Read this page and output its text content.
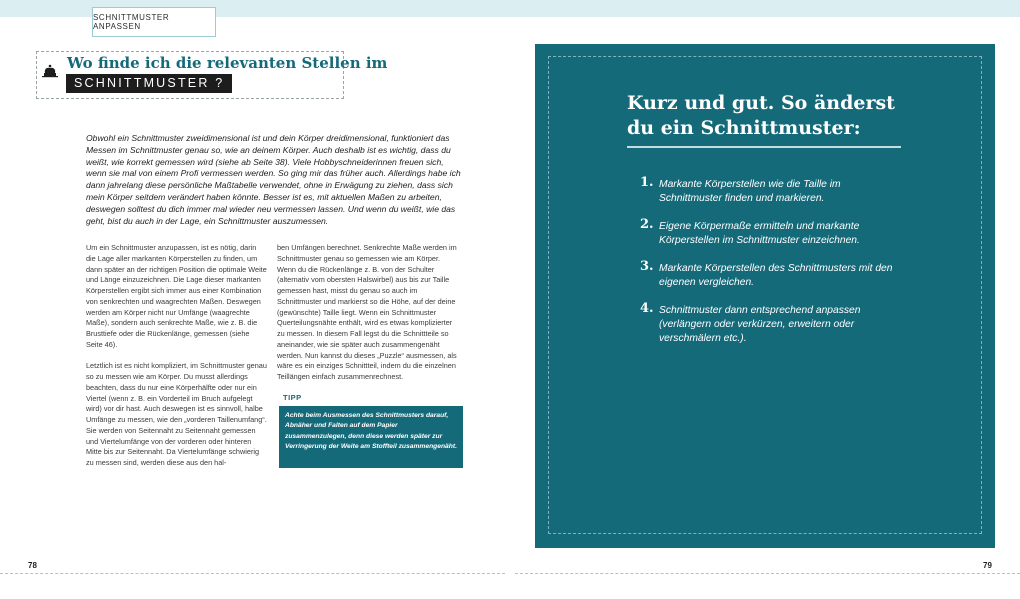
SCHNITTMUSTER ANPASSEN
Wo finde ich die relevanten Stellen im
SCHNITTMUSTER ?

Obwohl ein Schnittmuster zweidimensional ist und dein Körper dreidimensional, funktioniert das Messen im Schnittmuster genau so, wie an deinem Körper. Auch deshalb ist es wichtig, dass du weißt, wie korrekt gemessen wird (siehe ab Seite 38). Viele Hobbyschneiderinnen freuen sich, wenn sie mal von einem Profi vermessen werden. So ging mir das früher auch. Allerdings habe ich dann jahrelang diese persönliche Maßtabelle verwendet, ohne in Erwägung zu ziehen, dass sich mein Körper seitdem verändert haben könnte. Besser ist es, mit aktuellen Maßen zu arbeiten, deswegen solltest du dich immer mal wieder neu vermessen lassen. Und wenn du weißt, wie das geht, bist du auch in der Lage, ein Schnittmuster auszumessen.

Um ein Schnittmuster anzupassen, ist es nötig, darin die Lage aller markanten Körperstellen zu finden, um dann später an der richtigen Position die optimale Weite und Länge einzuzeichnen. Die Lage dieser markanten Körperstellen ergibt sich immer aus einer Kombination von senkrechten und waagrechten Maßen. Deswegen werden am Körper nicht nur Umfänge (waagrechte Maße), sondern auch senkrechte Maße, wie z. B. die Brusttiefe oder die Rückenlänge, gemessen (siehe Seite 46).

Letztlich ist es nicht kompliziert, im Schnittmuster genau so zu messen wie am Körper. Du musst allerdings beachten, dass du nur eine Körperhälfte oder nur ein Viertel (wenn z. B. ein Vorderteil im Bruch aufgelegt wird) vor dir hast. Auch deswegen ist es sinnvoll, halbe Umfänge zu messen, wie den „vorderen Taillenumfang“. Sie werden von Seitennaht zu Seitennaht gemessen und Viertelumfänge von der vorderen oder hinteren Mitte bis zur Seitennaht. Da Viertelumfänge schwierig zu messen sind, werden diese aus den hal-

ben Umfängen berechnet. Senkrechte Maße werden im Schnittmuster genau so gemessen wie am Körper. Wenn du die Rückenlänge z. B. von der Schulter (alternativ vom obersten Halswirbel) aus bis zur Taille gemessen hast, misst du genau so auch im Schnittmuster und markierst so die Höhe, auf der deine (gewünschte) Taille liegt. Wenn ein Schnittmuster Querteilungsnähte enthält, wird es etwas komplizierter zu messen. In diesem Fall legst du die Schnittteile so aneinander, wie sie später auch zusammengenäht werden. Nun kannst du dieses „Puzzle“ ausmessen, als wäre es ein einziges Schnittteil, indem du die einzelnen Teillängen einfach zusammenrechnest.

TIPP
Achte beim Ausmessen des Schnittmusters darauf, Abnäher und Falten auf dem Papier zusammenzulegen, denn diese werden später zur Verringerung der Weite am Stoffteil zusammengenäht.
78
Kurz und gut. So änderst du ein Schnittmuster:
1. Markante Körperstellen wie die Taille im Schnittmuster finden und markieren.
2. Eigene Körpermaße ermitteln und markante Körperstellen im Schnittmuster einzeichnen.
3. Markante Körperstellen des Schnittmusters mit den eigenen vergleichen.
4. Schnittmuster dann entsprechend anpassen (verlängern oder verkürzen, erweitern oder verschmälern etc.).
79
